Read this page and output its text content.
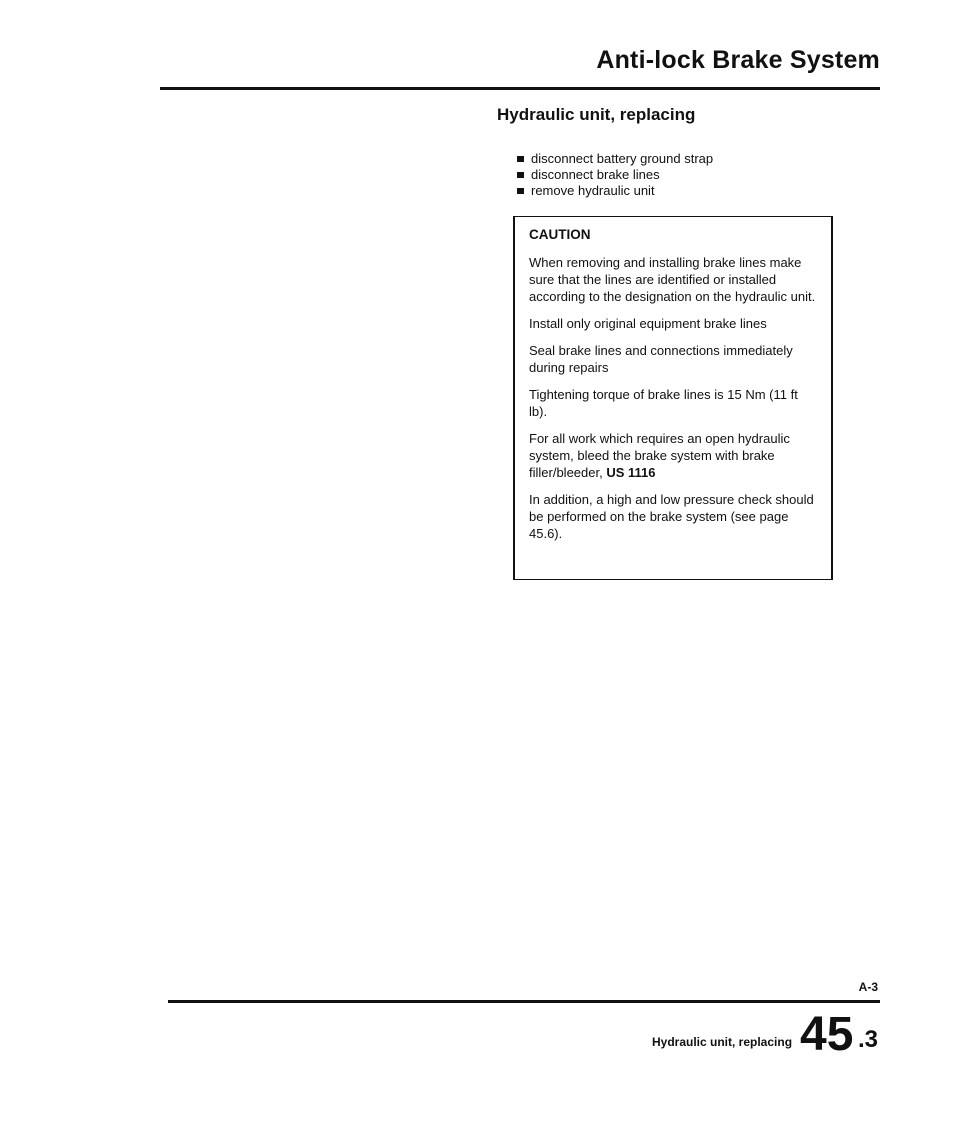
Anti-lock Brake System
Hydraulic unit, replacing
disconnect battery ground strap
disconnect brake lines
remove hydraulic unit
CAUTION

When removing and installing brake lines make sure that the lines are identified or installed according to the designation on the hydraulic unit.

Install only original equipment brake lines

Seal brake lines and connections immediately during repairs

Tightening torque of brake lines is 15 Nm (11 ft lb).

For all work which requires an open hydraulic system, bleed the brake system with brake filler/bleeder, US 1116

In addition, a high and low pressure check should be performed on the brake system (see page 45.6).

A-3
Hydraulic unit, replacing 45 .3
